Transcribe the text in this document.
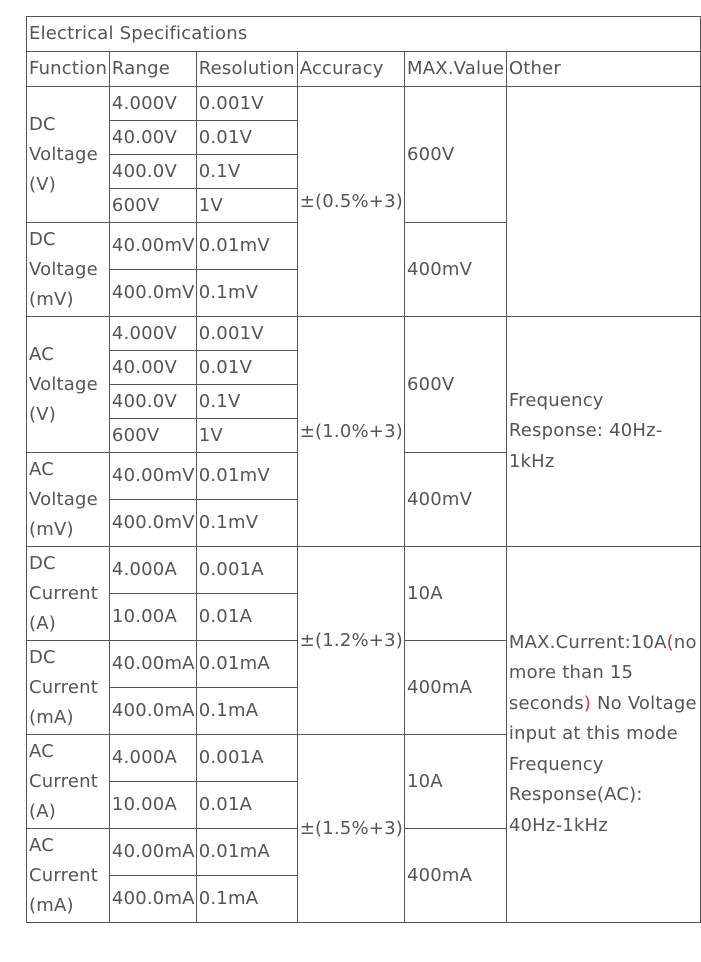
Electrical Specifications					
Function	Range	Resolution	Accuracy	MAX.Value	Other
DC Voltage (V)	4.000V	0.001V	±(0.5%+3)	600V	
	40.00V	0.01V			
	400.0V	0.1V			
	600V	1V			
DC Voltage (mV)	40.00mV	0.01mV		400mV	
	400.0mV	0.1mV			
AC Voltage (V)	4.000V	0.001V	±(1.0%+3)	600V	Frequency Response: 40Hz-1kHz
	40.00V	0.01V			
	400.0V	0.1V			
	600V	1V			
AC Voltage (mV)	40.00mV	0.01mV		400mV	
	400.0mV	0.1mV			
DC Current (A)	4.000A	0.001A	±(1.2%+3)	10A	MAX.Current:10A(no more than 15 seconds) No Voltage input at this mode Frequency Response(AC): 40Hz-1kHz
	10.00A	0.01A			
DC Current (mA)	40.00mA	0.01mA		400mA	
	400.0mA	0.1mA			
AC Current (A)	4.000A	0.001A	±(1.5%+3)	10A	
	10.00A	0.01A			
AC Current (mA)	40.00mA	0.01mA		400mA	
	400.0mA	0.1mA			
